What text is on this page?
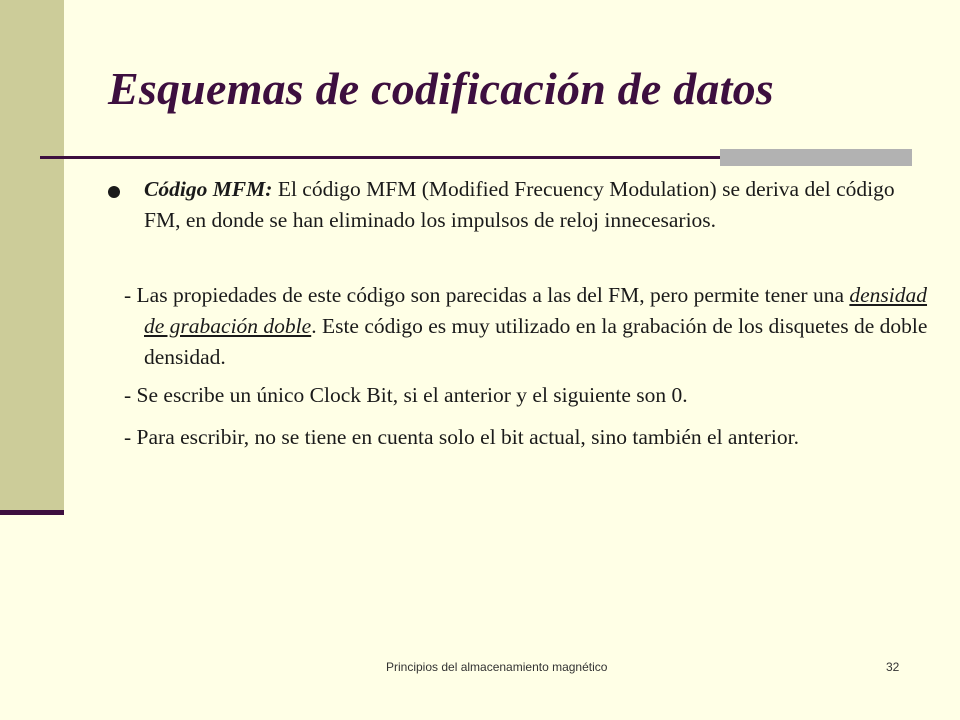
Esquemas de codificación de datos
Código MFM: El código MFM (Modified Frecuency Modulation) se deriva del código FM, en donde se han eliminado los impulsos de reloj innecesarios.
- Las propiedades de este código son parecidas a las del FM, pero permite tener una densidad de grabación doble. Este código es muy utilizado en la grabación de los disquetes de doble densidad.
- Se escribe un único Clock Bit, si el anterior y el siguiente son 0.
- Para escribir, no se tiene en cuenta solo el bit actual, sino también el anterior.
Principios del almacenamiento magnético	32
